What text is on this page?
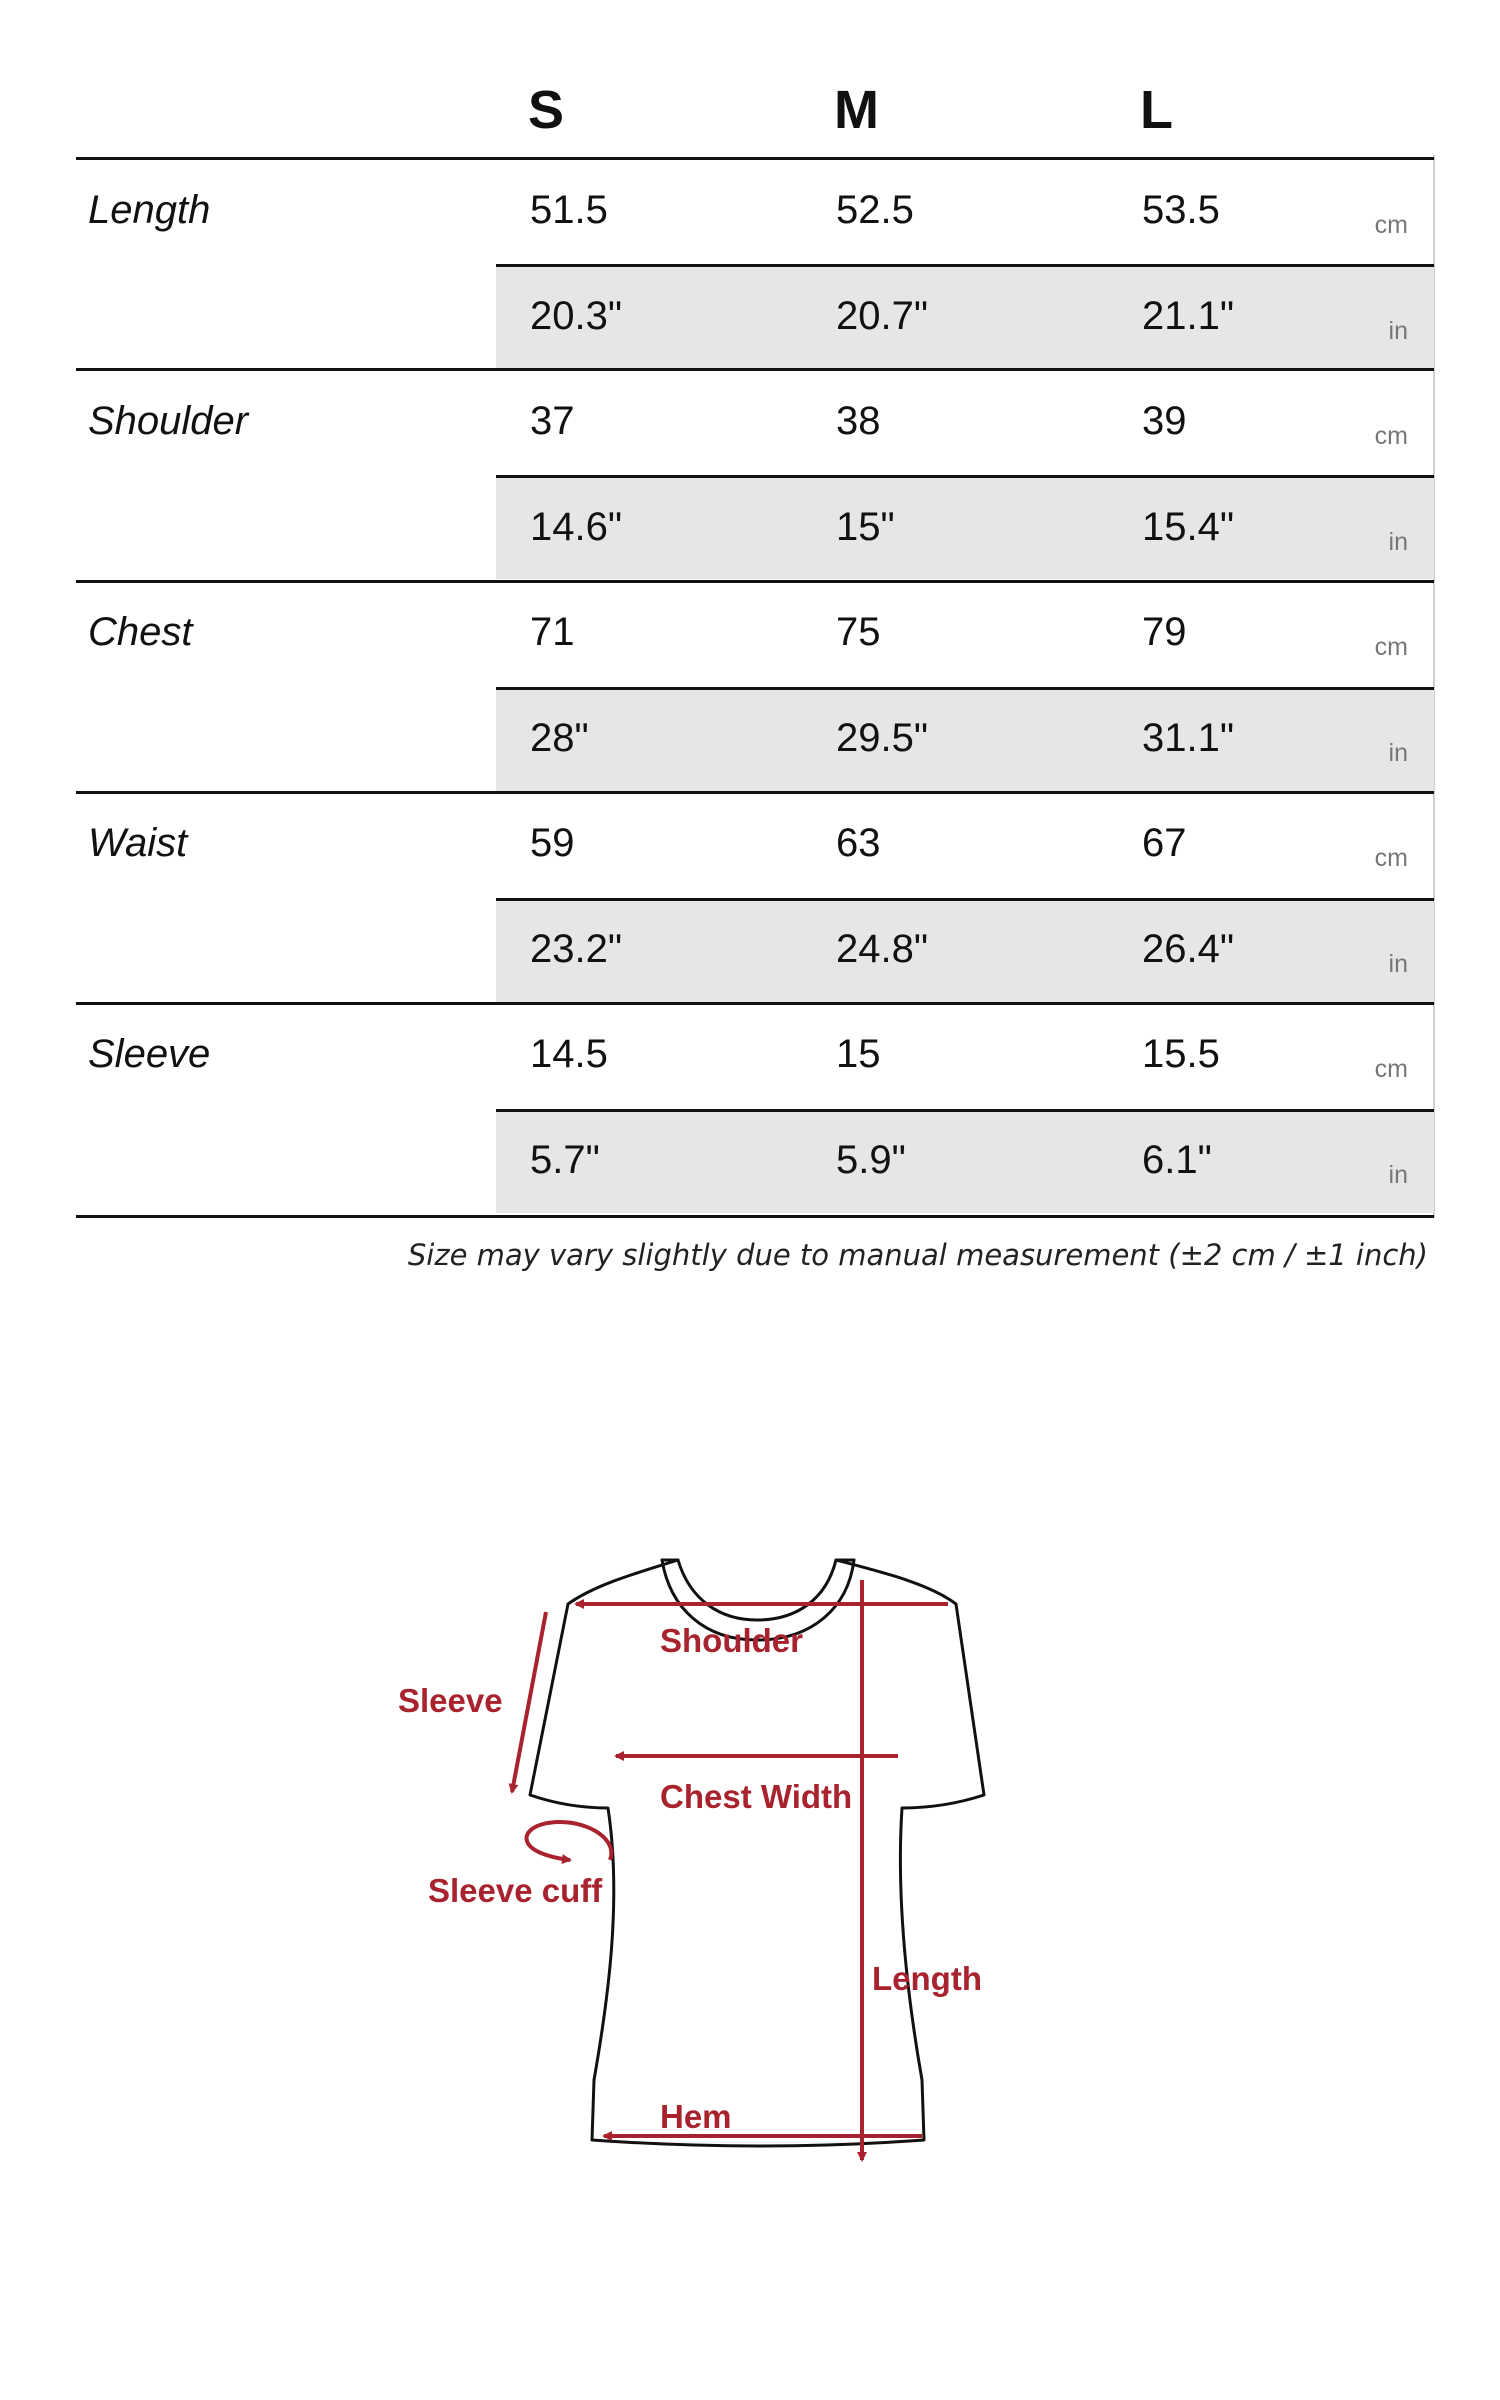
S	M	L
Length	51.5	52.5	53.5	cm
20.3"	20.7"	21.1"	in
Shoulder	37	38	39	cm
14.6"	15"	15.4"	in
Chest	71	75	79	cm
28"	29.5"	31.1"	in
Waist	59	63	67	cm
23.2"	24.8"	26.4"	in
Sleeve	14.5	15	15.5	cm
5.7"	5.9"	6.1"	in
Size may vary slightly due to manual measurement (±2 cm / ±1 inch)
Shoulder
Sleeve
Chest Width
Sleeve cuff
Length
Hem
